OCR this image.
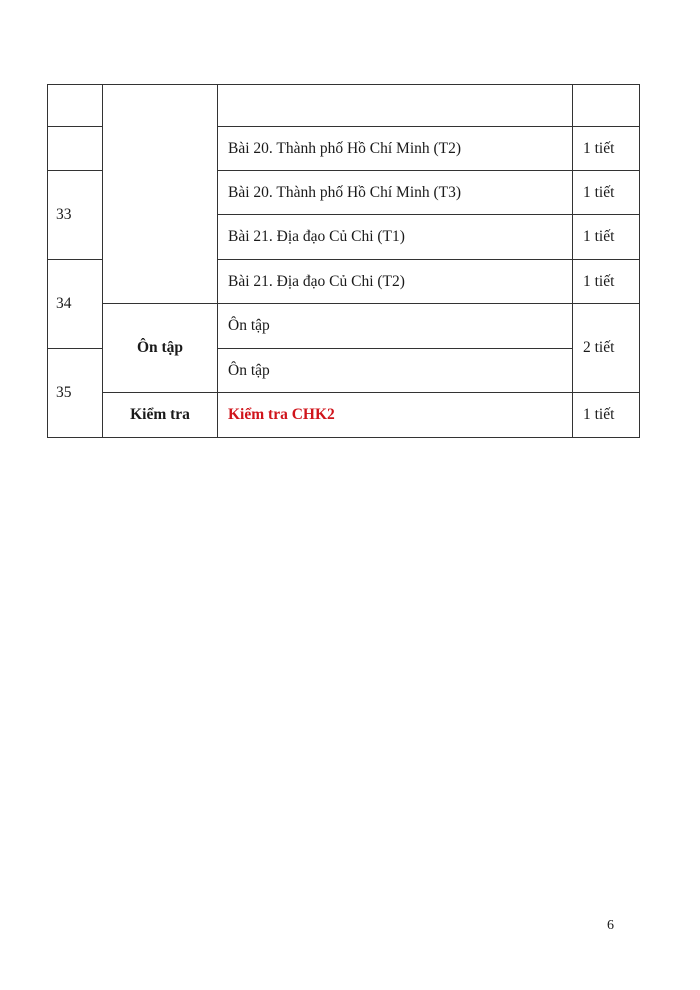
		Bài 20. Thành phố Hồ Chí Minh (T2)	1 tiết
33		Bài 20. Thành phố Hồ Chí Minh (T3)	1 tiết
		Bài 21. Địa đạo Củ Chi (T1)	1 tiết
34		Bài 21. Địa đạo Củ Chi (T2)	1 tiết
	Ôn tập	Ôn tập	2 tiết
35		Ôn tập	
	Kiểm tra	Kiểm tra CHK2	1 tiết
6
